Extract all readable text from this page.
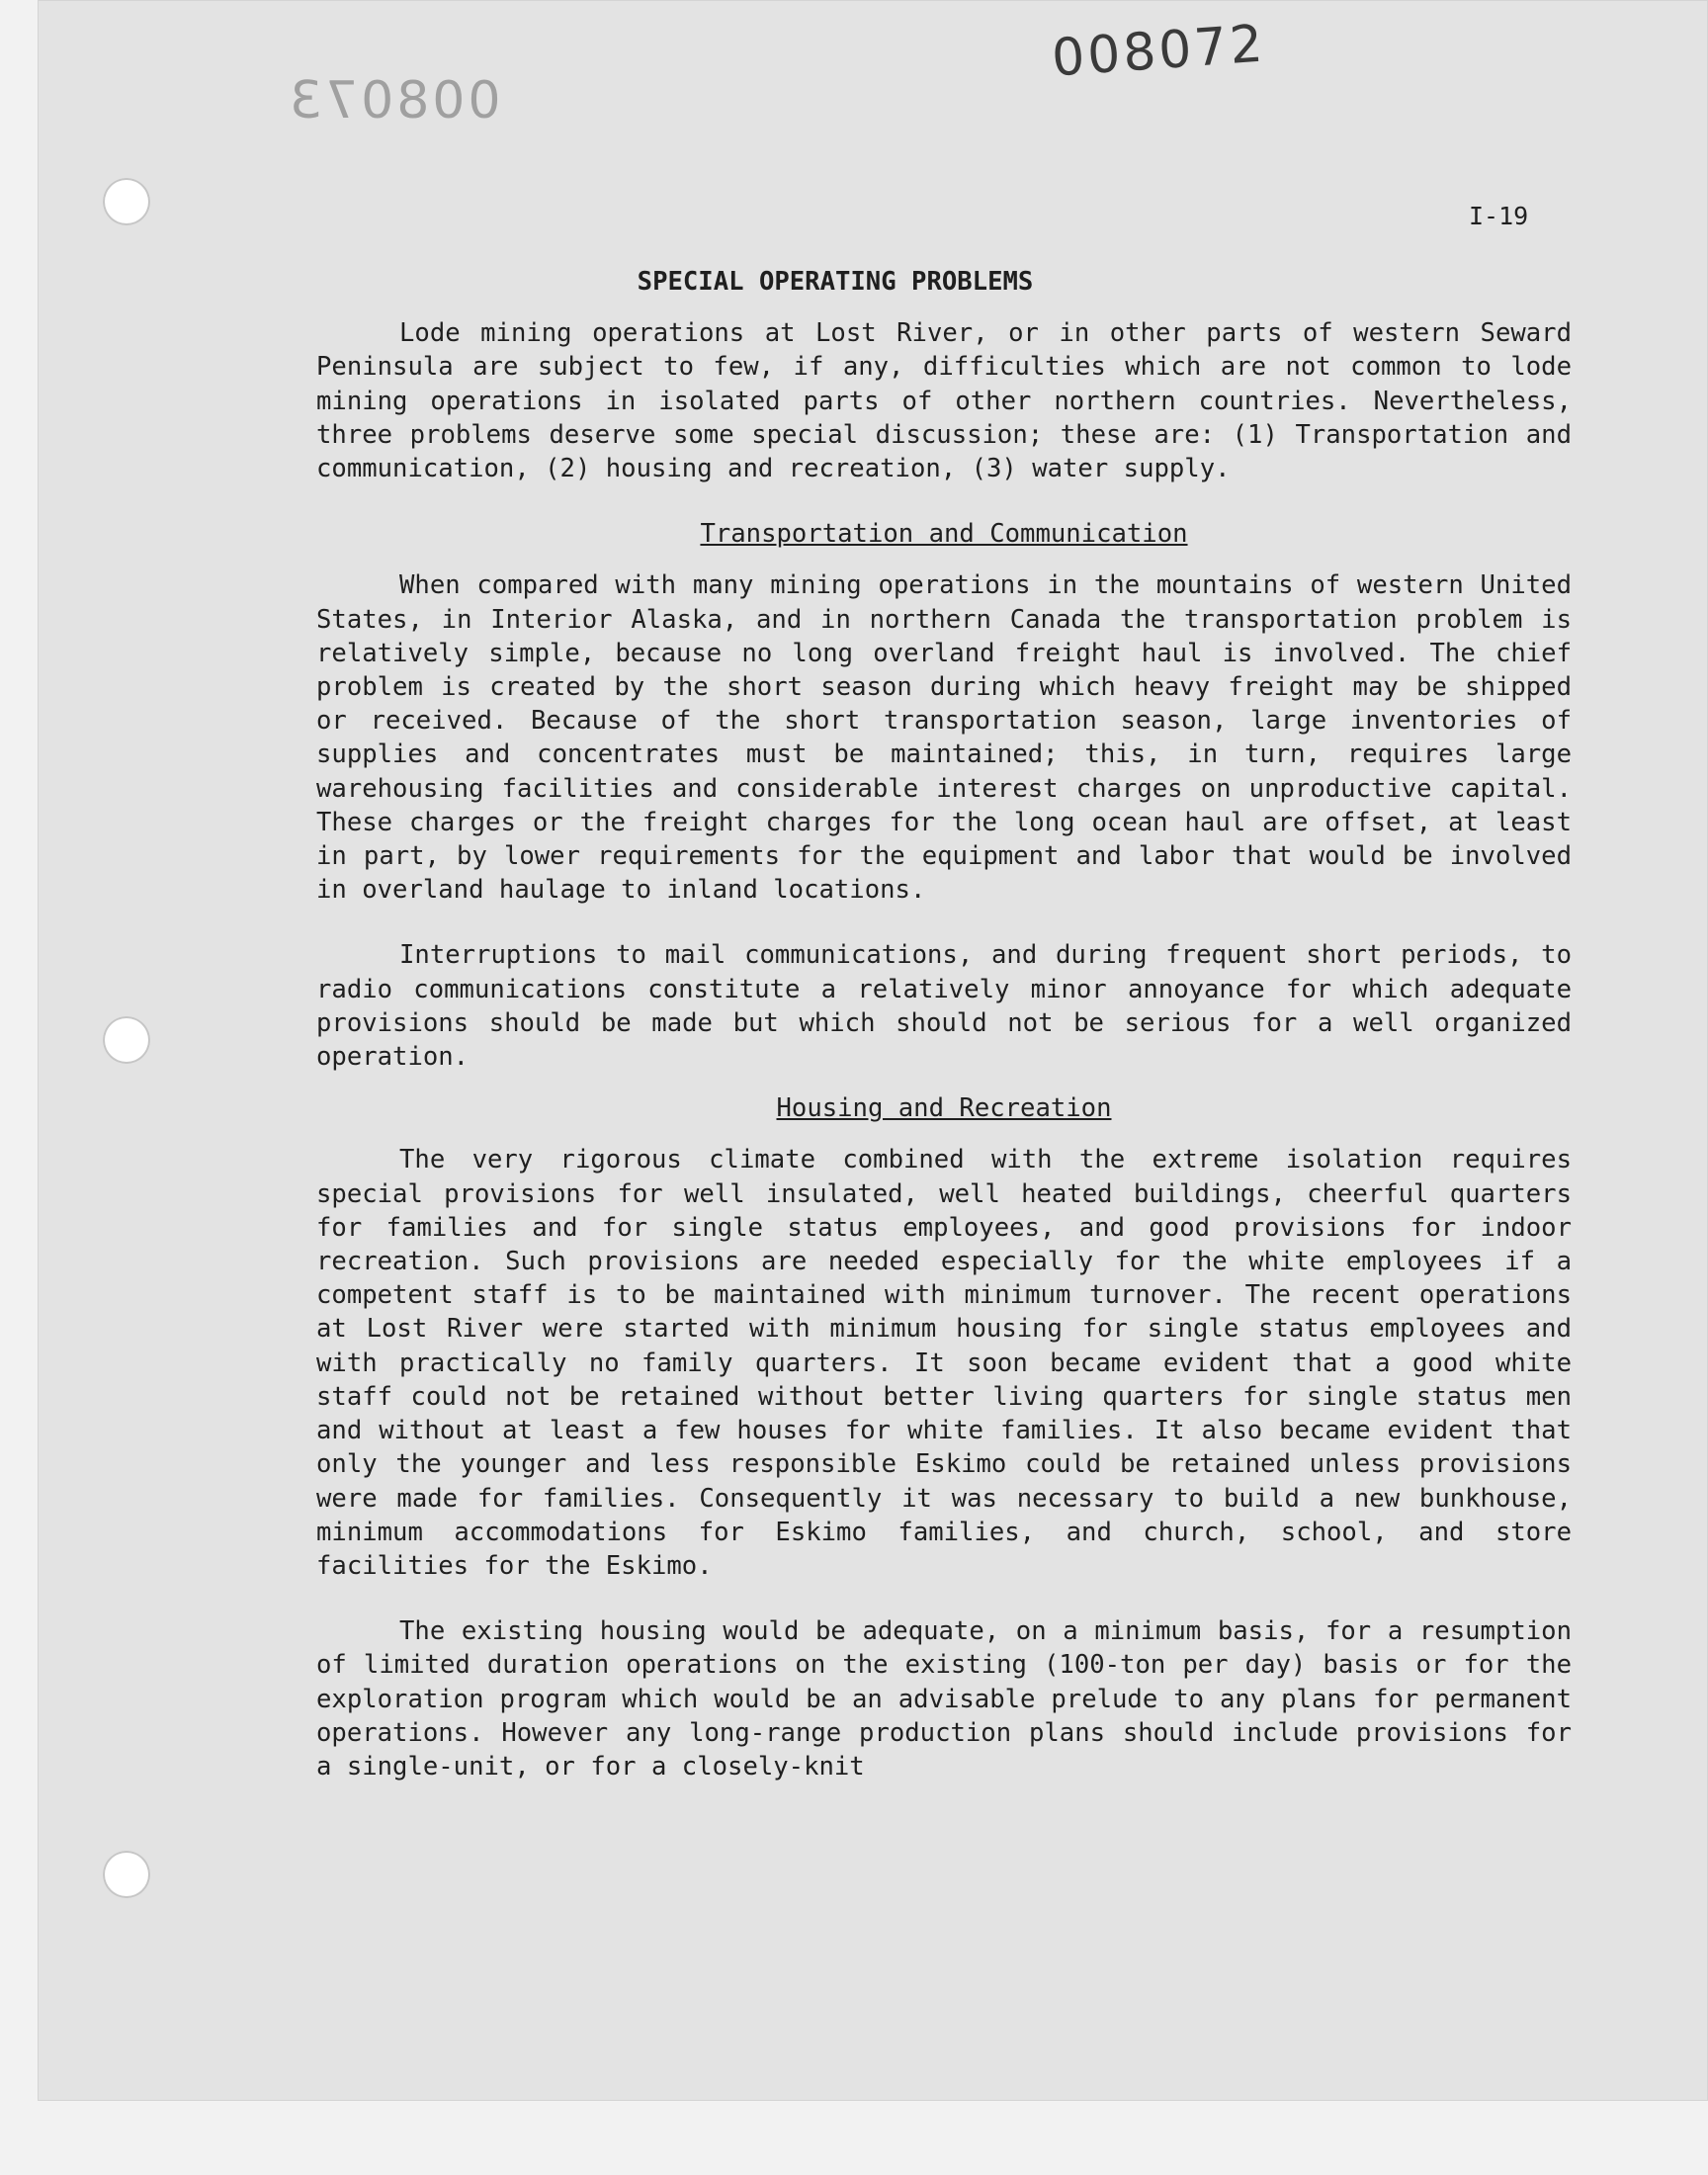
008072
008073
I-19
SPECIAL OPERATING PROBLEMS

Lode mining operations at Lost River, or in other parts of western Seward Peninsula are subject to few, if any, difficulties which are not common to lode mining operations in isolated parts of other northern countries. Nevertheless, three problems deserve some special discussion; these are: (1) Transportation and communication, (2) housing and recreation, (3) water supply.

Transportation and Communication

When compared with many mining operations in the mountains of western United States, in Interior Alaska, and in northern Canada the transportation problem is relatively simple, because no long overland freight haul is involved. The chief problem is created by the short season during which heavy freight may be shipped or received. Because of the short transportation season, large inventories of supplies and concentrates must be maintained; this, in turn, requires large warehousing facilities and considerable interest charges on unproductive capital. These charges or the freight charges for the long ocean haul are offset, at least in part, by lower requirements for the equipment and labor that would be involved in overland haulage to inland locations.

Interruptions to mail communications, and during frequent short periods, to radio communications constitute a relatively minor annoyance for which adequate provisions should be made but which should not be serious for a well organized operation.

Housing and Recreation

The very rigorous climate combined with the extreme isolation requires special provisions for well insulated, well heated buildings, cheerful quarters for families and for single status employees, and good provisions for indoor recreation. Such provisions are needed especially for the white employees if a competent staff is to be maintained with minimum turnover. The recent operations at Lost River were started with minimum housing for single status employees and with practically no family quarters. It soon became evident that a good white staff could not be retained without better living quarters for single status men and without at least a few houses for white families. It also became evident that only the younger and less responsible Eskimo could be retained unless provisions were made for families. Consequently it was necessary to build a new bunkhouse, minimum accommodations for Eskimo families, and church, school, and store facilities for the Eskimo.

The existing housing would be adequate, on a minimum basis, for a resumption of limited duration operations on the existing (100-ton per day) basis or for the exploration program which would be an advisable prelude to any plans for permanent operations. However any long-range production plans should include provisions for a single-unit, or for a closely-knit
